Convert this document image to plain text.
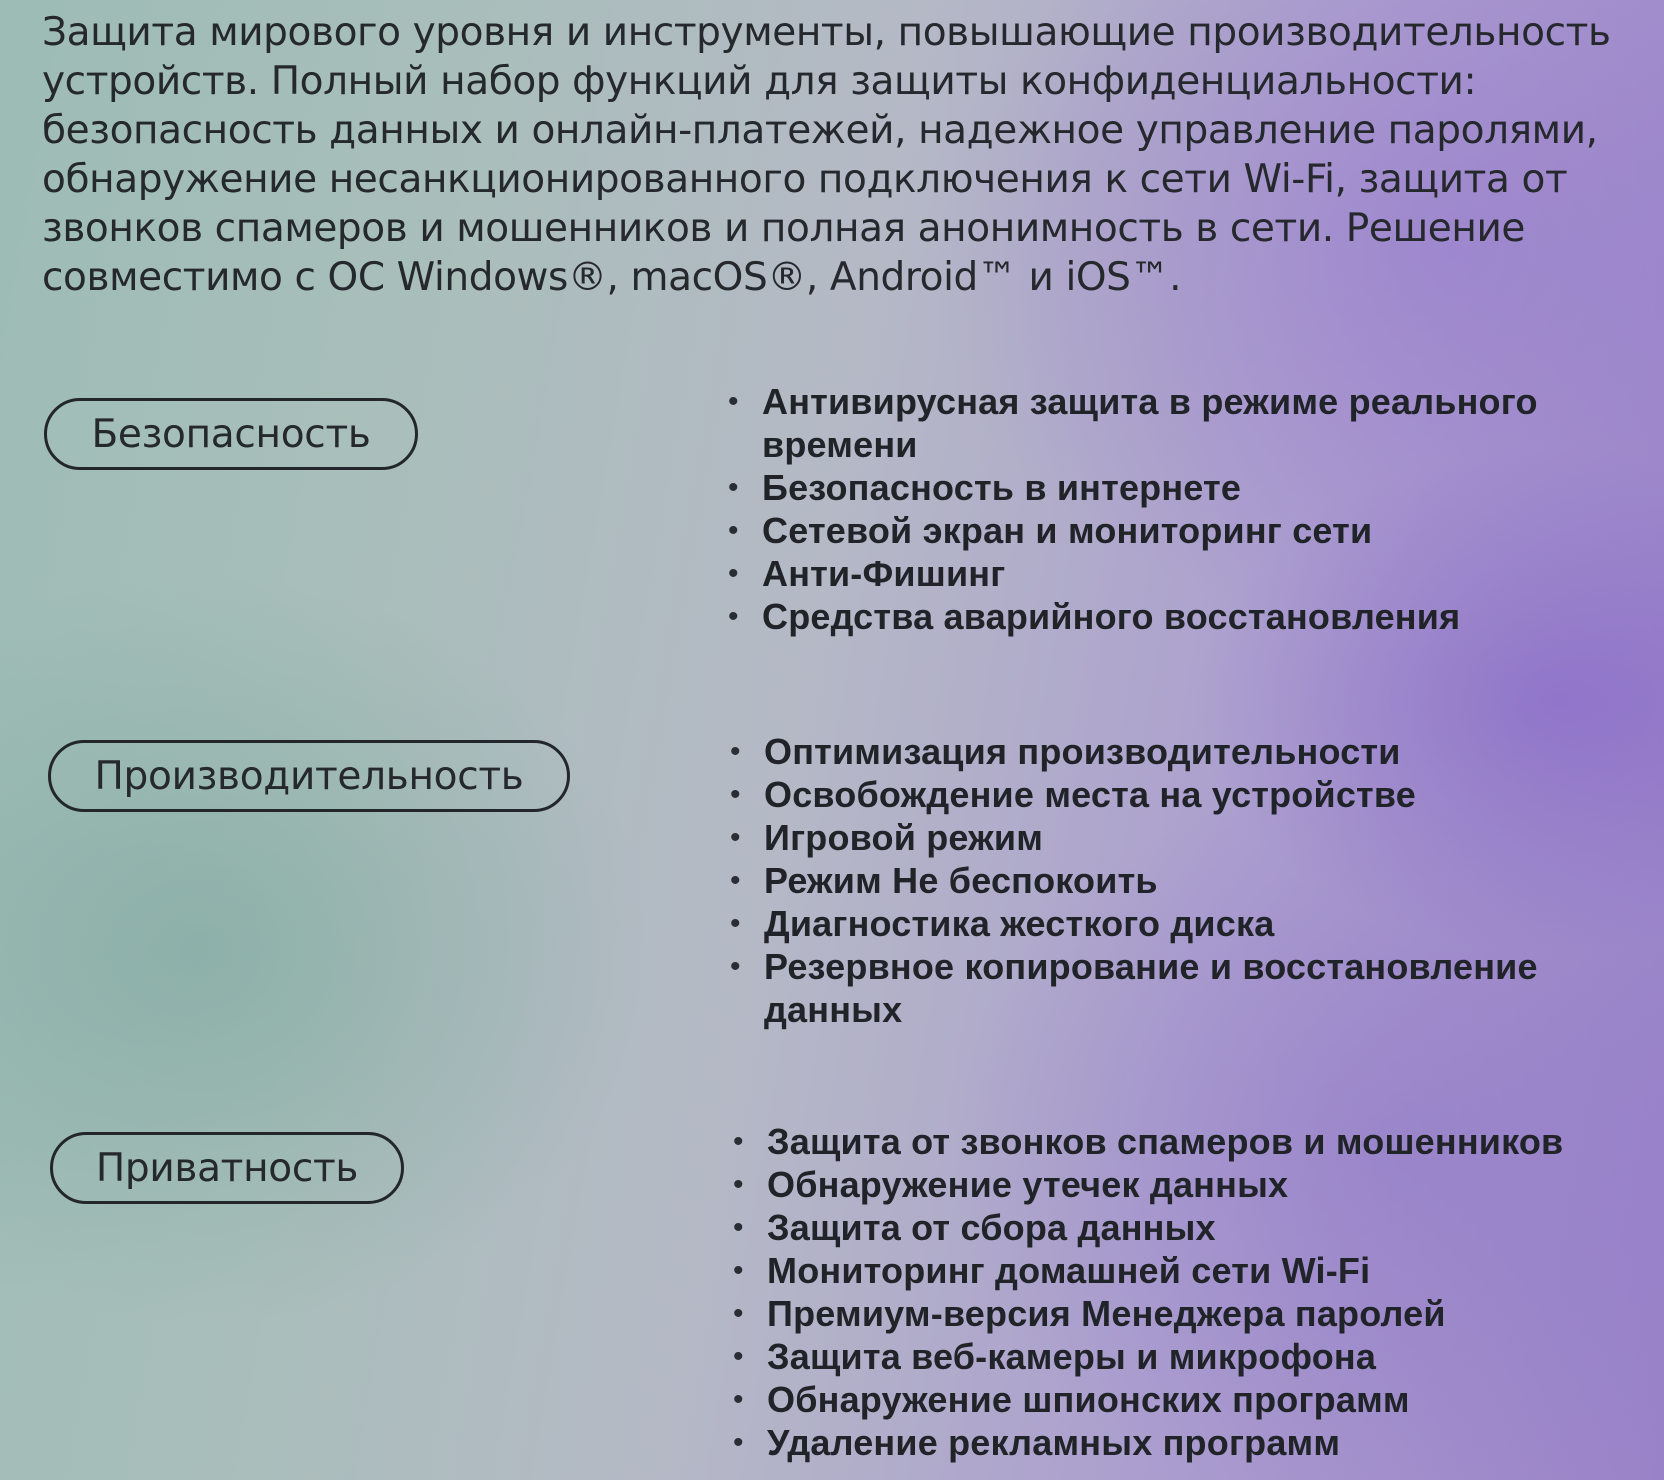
Защита мирового уровня и инструменты, повышающие производительность устройств. Полный набор функций для защиты конфиденциальности: безопасность данных и онлайн-платежей, надежное управление паролями, обнаружение несанкционированного подключения к сети Wi-Fi, защита от звонков спамеров и мошенников и полная анонимность в сети. Решение совместимо с ОС Windows®, macOS®, Android™ и iOS™.

Безопасность
• Антивирусная защита в режиме реального времени
• Безопасность в интернете
• Сетевой экран и мониторинг сети
• Анти-Фишинг
• Средства аварийного восстановления
Производительность
• Оптимизация производительности
• Освобождение места на устройстве
• Игровой режим
• Режим Не беспокоить
• Диагностика жесткого диска
• Резервное копирование и восстановление данных
Приватность
• Защита от звонков спамеров и мошенников
• Обнаружение утечек данных
• Защита от сбора данных
• Мониторинг домашней сети Wi-Fi
• Премиум-версия Менеджера паролей
• Защита веб-камеры и микрофона
• Обнаружение шпионских программ
• Удаление рекламных программ
